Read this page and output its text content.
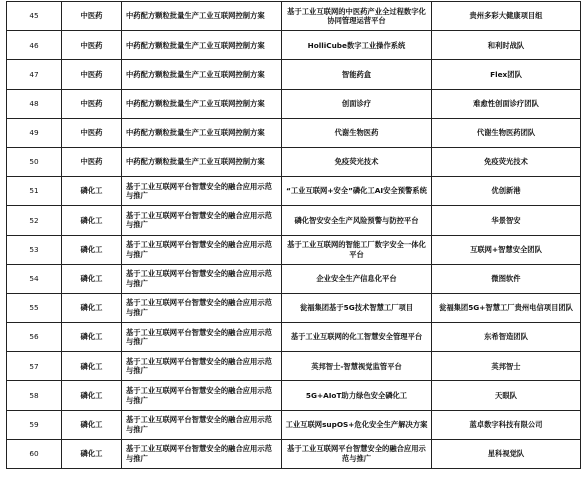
45	中医药	中药配方颗粒批量生产工业互联网控制方案	基于工业互联网的中医药产业全过程数字化协同管理运营平台	贵州多彩大健康项目组
46	中医药	中药配方颗粒批量生产工业互联网控制方案	HolliCube数字工业操作系统	和利时战队
47	中医药	中药配方颗粒批量生产工业互联网控制方案	智能药盒	Flex团队
48	中医药	中药配方颗粒批量生产工业互联网控制方案	创面诊疗	难愈性创面诊疗团队
49	中医药	中药配方颗粒批量生产工业互联网控制方案	代谢生物医药	代谢生物医药团队
50	中医药	中药配方颗粒批量生产工业互联网控制方案	免疫荧光技术	免疫荧光技术
51	磷化工	基于工业互联网平台智慧安全的融合应用示范与推广	“工业互联网+安全”磷化工AI安全预警系统	优创新港
52	磷化工	基于工业互联网平台智慧安全的融合应用示范与推广	磷化智安安全生产风险预警与防控平台	华景智安
53	磷化工	基于工业互联网平台智慧安全的融合应用示范与推广	基于工业互联网的智能工厂数字安全一体化平台	互联网+智慧安全团队
54	磷化工	基于工业互联网平台智慧安全的融合应用示范与推广	企业安全生产信息化平台	微图软件
55	磷化工	基于工业互联网平台智慧安全的融合应用示范与推广	瓮福集团基于5G技术智慧工厂项目	瓮福集团5G+智慧工厂贵州电信项目团队
56	磷化工	基于工业互联网平台智慧安全的融合应用示范与推广	基于工业互联网的化工智慧安全管理平台	东希智造团队
57	磷化工	基于工业互联网平台智慧安全的融合应用示范与推广	英邦智士-智慧视觉监管平台	英邦智士
58	磷化工	基于工业互联网平台智慧安全的融合应用示范与推广	5G+AIoT助力绿色安全磷化工	天眼队
59	磷化工	基于工业互联网平台智慧安全的融合应用示范与推广	工业互联网supOS+危化安全生产解决方案	蓝卓数字科技有限公司
60	磷化工	基于工业互联网平台智慧安全的融合应用示范与推广	基于工业互联网平台智慧安全的融合应用示范与推广	星科视觉队
